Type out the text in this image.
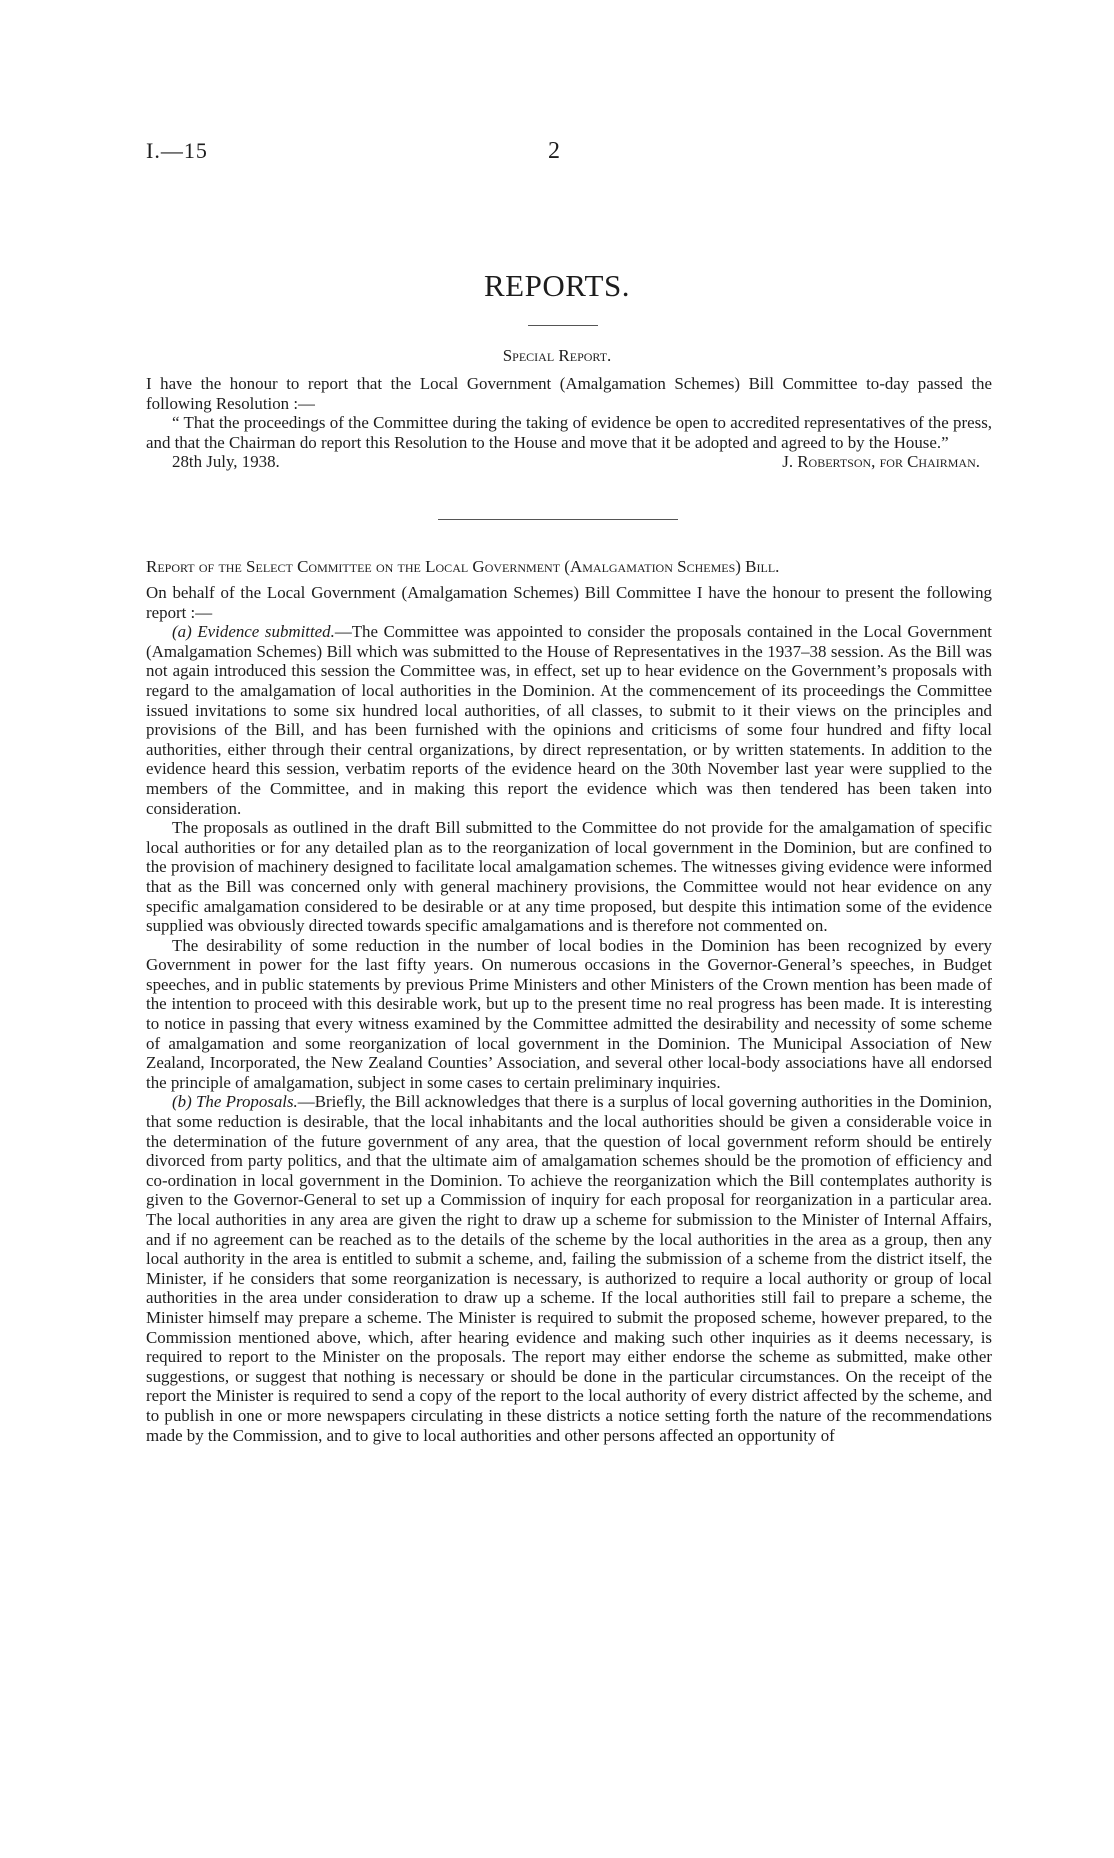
I.—15	2
REPORTS.
Special Report.

I have the honour to report that the Local Government (Amalgamation Schemes) Bill Committee to-day passed the following Resolution :—

“ That the proceedings of the Committee during the taking of evidence be open to accredited representatives of the press, and that the Chairman do report this Resolution to the House and move that it be adopted and agreed to by the House.”

28th July, 1938.	J. Robertson, for Chairman.
Report of the Select Committee on the Local Government (Amalgamation Schemes) Bill.

On behalf of the Local Government (Amalgamation Schemes) Bill Committee I have the honour to present the following report :—

(a) Evidence submitted.—The Committee was appointed to consider the proposals contained in the Local Government (Amalgamation Schemes) Bill which was submitted to the House of Representatives in the 1937–38 session. As the Bill was not again introduced this session the Committee was, in effect, set up to hear evidence on the Government’s proposals with regard to the amalgamation of local authorities in the Dominion. At the commencement of its proceedings the Committee issued invitations to some six hundred local authorities, of all classes, to submit to it their views on the principles and provisions of the Bill, and has been furnished with the opinions and criticisms of some four hundred and fifty local authorities, either through their central organizations, by direct representation, or by written statements. In addition to the evidence heard this session, verbatim reports of the evidence heard on the 30th November last year were supplied to the members of the Committee, and in making this report the evidence which was then tendered has been taken into consideration.

The proposals as outlined in the draft Bill submitted to the Committee do not provide for the amalgamation of specific local authorities or for any detailed plan as to the reorganization of local government in the Dominion, but are confined to the provision of machinery designed to facilitate local amalgamation schemes. The witnesses giving evidence were informed that as the Bill was concerned only with general machinery provisions, the Committee would not hear evidence on any specific amalgamation considered to be desirable or at any time proposed, but despite this intimation some of the evidence supplied was obviously directed towards specific amalgamations and is therefore not commented on.

The desirability of some reduction in the number of local bodies in the Dominion has been recognized by every Government in power for the last fifty years. On numerous occasions in the Governor-General’s speeches, in Budget speeches, and in public statements by previous Prime Ministers and other Ministers of the Crown mention has been made of the intention to proceed with this desirable work, but up to the present time no real progress has been made. It is interesting to notice in passing that every witness examined by the Committee admitted the desirability and necessity of some scheme of amalgamation and some reorganization of local government in the Dominion. The Municipal Association of New Zealand, Incorporated, the New Zealand Counties’ Association, and several other local-body associations have all endorsed the principle of amalgamation, subject in some cases to certain preliminary inquiries.

(b) The Proposals.—Briefly, the Bill acknowledges that there is a surplus of local governing authorities in the Dominion, that some reduction is desirable, that the local inhabitants and the local authorities should be given a considerable voice in the determination of the future government of any area, that the question of local government reform should be entirely divorced from party politics, and that the ultimate aim of amalgamation schemes should be the promotion of efficiency and co-ordination in local government in the Dominion. To achieve the reorganization which the Bill contemplates authority is given to the Governor-General to set up a Commission of inquiry for each proposal for reorganization in a particular area. The local authorities in any area are given the right to draw up a scheme for submission to the Minister of Internal Affairs, and if no agreement can be reached as to the details of the scheme by the local authorities in the area as a group, then any local authority in the area is entitled to submit a scheme, and, failing the submission of a scheme from the district itself, the Minister, if he considers that some reorganization is necessary, is authorized to require a local authority or group of local authorities in the area under consideration to draw up a scheme. If the local authorities still fail to prepare a scheme, the Minister himself may prepare a scheme. The Minister is required to submit the proposed scheme, however prepared, to the Commission mentioned above, which, after hearing evidence and making such other inquiries as it deems necessary, is required to report to the Minister on the proposals. The report may either endorse the scheme as submitted, make other suggestions, or suggest that nothing is necessary or should be done in the particular circumstances. On the receipt of the report the Minister is required to send a copy of the report to the local authority of every district affected by the scheme, and to publish in one or more newspapers circulating in these districts a notice setting forth the nature of the recommendations made by the Commission, and to give to local authorities and other persons affected an opportunity of
